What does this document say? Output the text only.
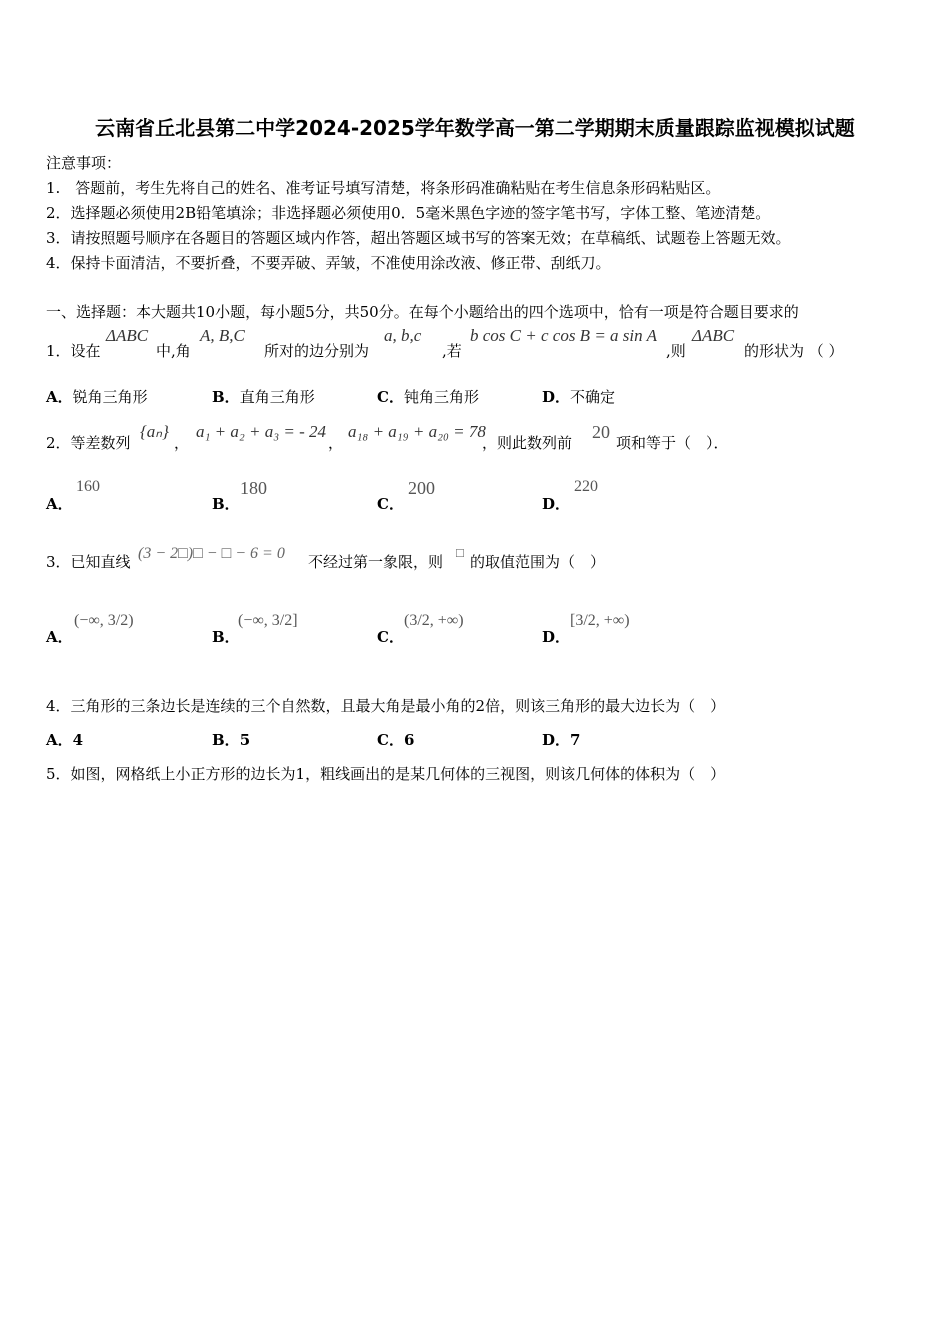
云南省丘北县第二中学2024-2025学年数学高一第二学期期末质量跟踪监视模拟试题
注意事项：
1.　答题前，考生先将自己的姓名、准考证号填写清楚，将条形码准确粘贴在考生信息条形码粘贴区。
2．选择题必须使用2B铅笔填涂；非选择题必须使用0．5毫米黑色字迹的签字笔书写，字体工整、笔迹清楚。
3．请按照题号顺序在各题目的答题区域内作答，超出答题区域书写的答案无效；在草稿纸、试题卷上答题无效。
4．保持卡面清洁，不要折叠，不要弄破、弄皱，不准使用涂改液、修正带、刮纸刀。
一、选择题：本大题共10小题，每小题5分，共50分。在每个小题给出的四个选项中，恰有一项是符合题目要求的
1．设在
ΔABC
中,角
A, B,C
所对的边分别为
a, b,c
,若
b cos C + c cos B = a sin A
,则
ΔABC
的形状为 （ ）
A．锐角三角形	B．直角三角形	C．钝角三角形	D．不确定
2．等差数列
{aₙ}
，
a₁ + a₂ + a₃ = - 24
，
a₁₈ + a₁₉ + a₂₀ = 78
，则此数列前
20
项和等于（　）．
A．
160
B．
180
C．
200
D．
220
3．已知直线 (3 − 2□)□ − □ − 6 = 0 不经过第一象限，则
□
的取值范围为（　）
A．
(−∞, 3/2)
B．
(−∞, 3/2]
C．
(3/2, +∞)
D．
[3/2, +∞)
4．三角形的三条边长是连续的三个自然数，且最大角是最小角的2倍，则该三角形的最大边长为（　）
A．4	B．5	C．6	D．7
5．如图，网格纸上小正方形的边长为1，粗线画出的是某几何体的三视图，则该几何体的体积为（　）
